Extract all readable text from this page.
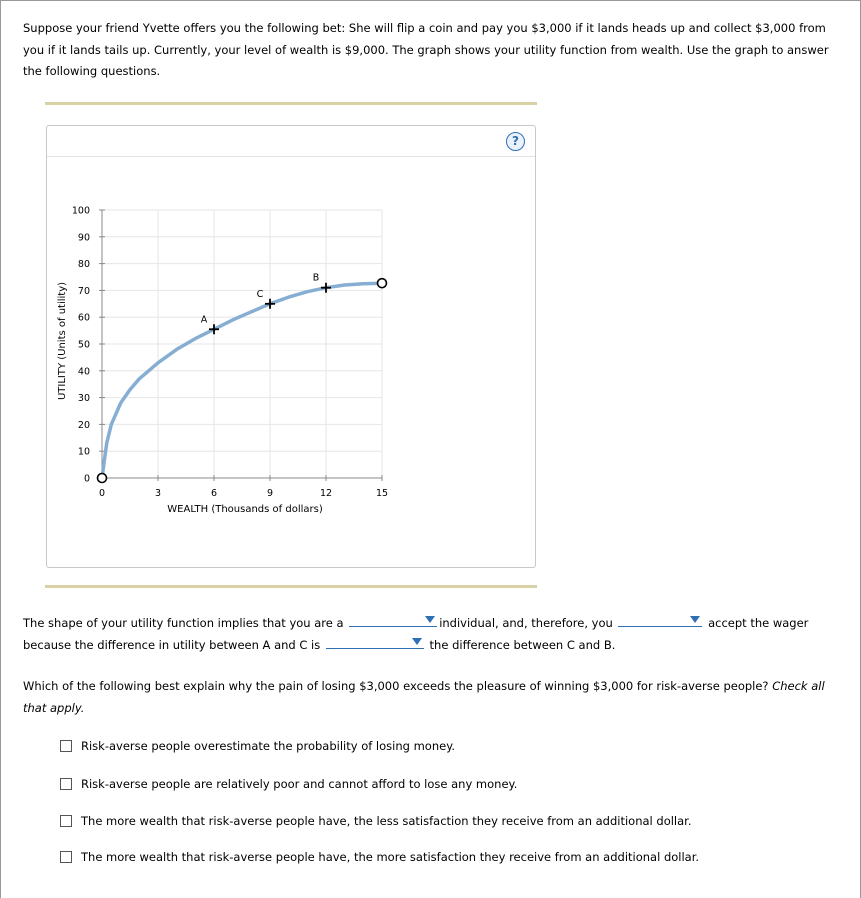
Suppose your friend Yvette offers you the following bet: She will flip a coin and pay you $3,000 if it lands heads up and collect $3,000 from you if it lands tails up. Currently, your level of wealth is $9,000. The graph shows your utility function from wealth. Use the graph to answer the following questions.
?
0
10
20
30
40
50
60
70
80
90
100
0	3	6	9	12	15
WEALTH (Thousands of dollars)
UTILITY (Units of utility)	A
C
B
The shape of your utility function implies that you are a	individual, and, therefore, you	accept the wager
because the difference in utility between A and C is	the difference between C and B.
Which of the following best explain why the pain of losing $3,000 exceeds the pleasure of winning $3,000 for risk-averse people? Check all that apply.
Risk-averse people overestimate the probability of losing money.
Risk-averse people are relatively poor and cannot afford to lose any money.
The more wealth that risk-averse people have, the less satisfaction they receive from an additional dollar.
The more wealth that risk-averse people have, the more satisfaction they receive from an additional dollar.
